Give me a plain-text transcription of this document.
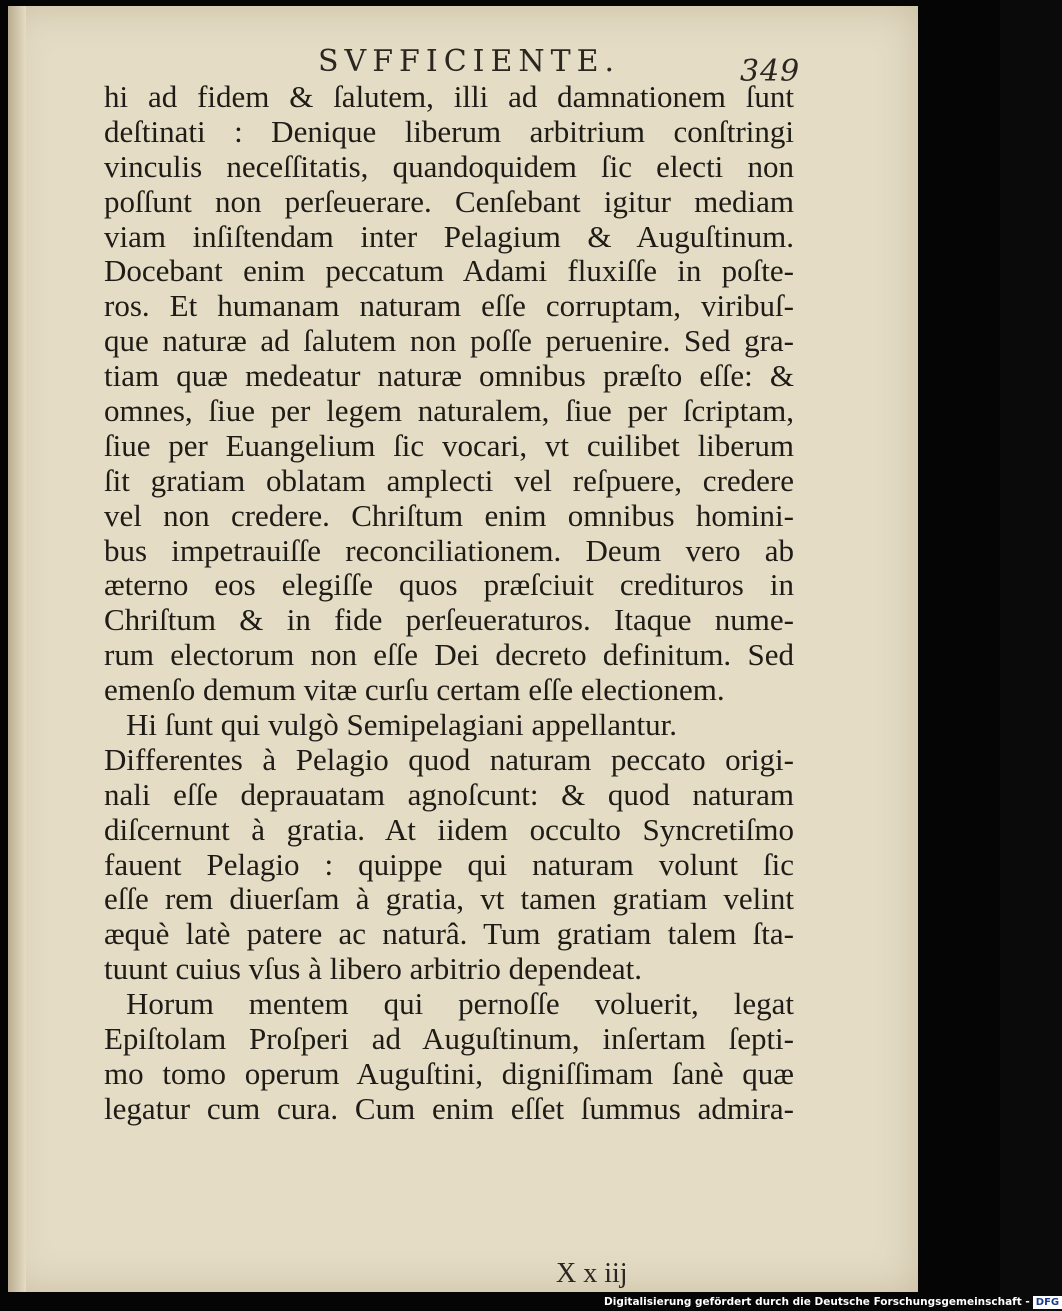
SVFFICIENTE.	349
hi ad fidem & ſalutem, illi ad damnationem ſunt
deſtinati : Denique liberum arbitrium conſtringi
vinculis neceſſitatis, quandoquidem ſic electi non
poſſunt non perſeuerare. Cenſebant igitur mediam
viam inſiſtendam inter Pelagium & Auguſtinum.
Docebant enim peccatum Adami fluxiſſe in poſte-
ros. Et humanam naturam eſſe corruptam, viribuſ-
que naturæ ad ſalutem non poſſe peruenire. Sed gra-
tiam quæ medeatur naturæ omnibus præſto eſſe: &
omnes, ſiue per legem naturalem, ſiue per ſcriptam,
ſiue per Euangelium ſic vocari, vt cuilibet liberum
ſit gratiam oblatam amplecti vel reſpuere, credere
vel non credere. Chriſtum enim omnibus homini-
bus impetrauiſſe reconciliationem. Deum vero ab
æterno eos elegiſſe quos præſciuit credituros in
Chriſtum & in fide perſeueraturos. Itaque nume-
rum electorum non eſſe Dei decreto definitum. Sed
emenſo demum vitæ curſu certam eſſe electionem.
Hi ſunt qui vulgò Semipelagiani appellantur.
Differentes à Pelagio quod naturam peccato origi-
nali eſſe deprauatam agnoſcunt: & quod naturam
diſcernunt à gratia. At iidem occulto Syncretiſmo
fauent Pelagio : quippe qui naturam volunt ſic
eſſe rem diuerſam à gratia, vt tamen gratiam velint
æquè latè patere ac naturâ. Tum gratiam talem ſta-
tuunt cuius vſus à libero arbitrio dependeat.
Horum mentem qui pernoſſe voluerit, legat
Epiſtolam Proſperi ad Auguſtinum, inſertam ſepti-
mo tomo operum Auguſtini, digniſſimam ſanè quæ
legatur cum cura. Cum enim eſſet ſummus admira-
X x iij
Digitalisierung gefördert durch die Deutsche Forschungsgemeinschaft - DFG
